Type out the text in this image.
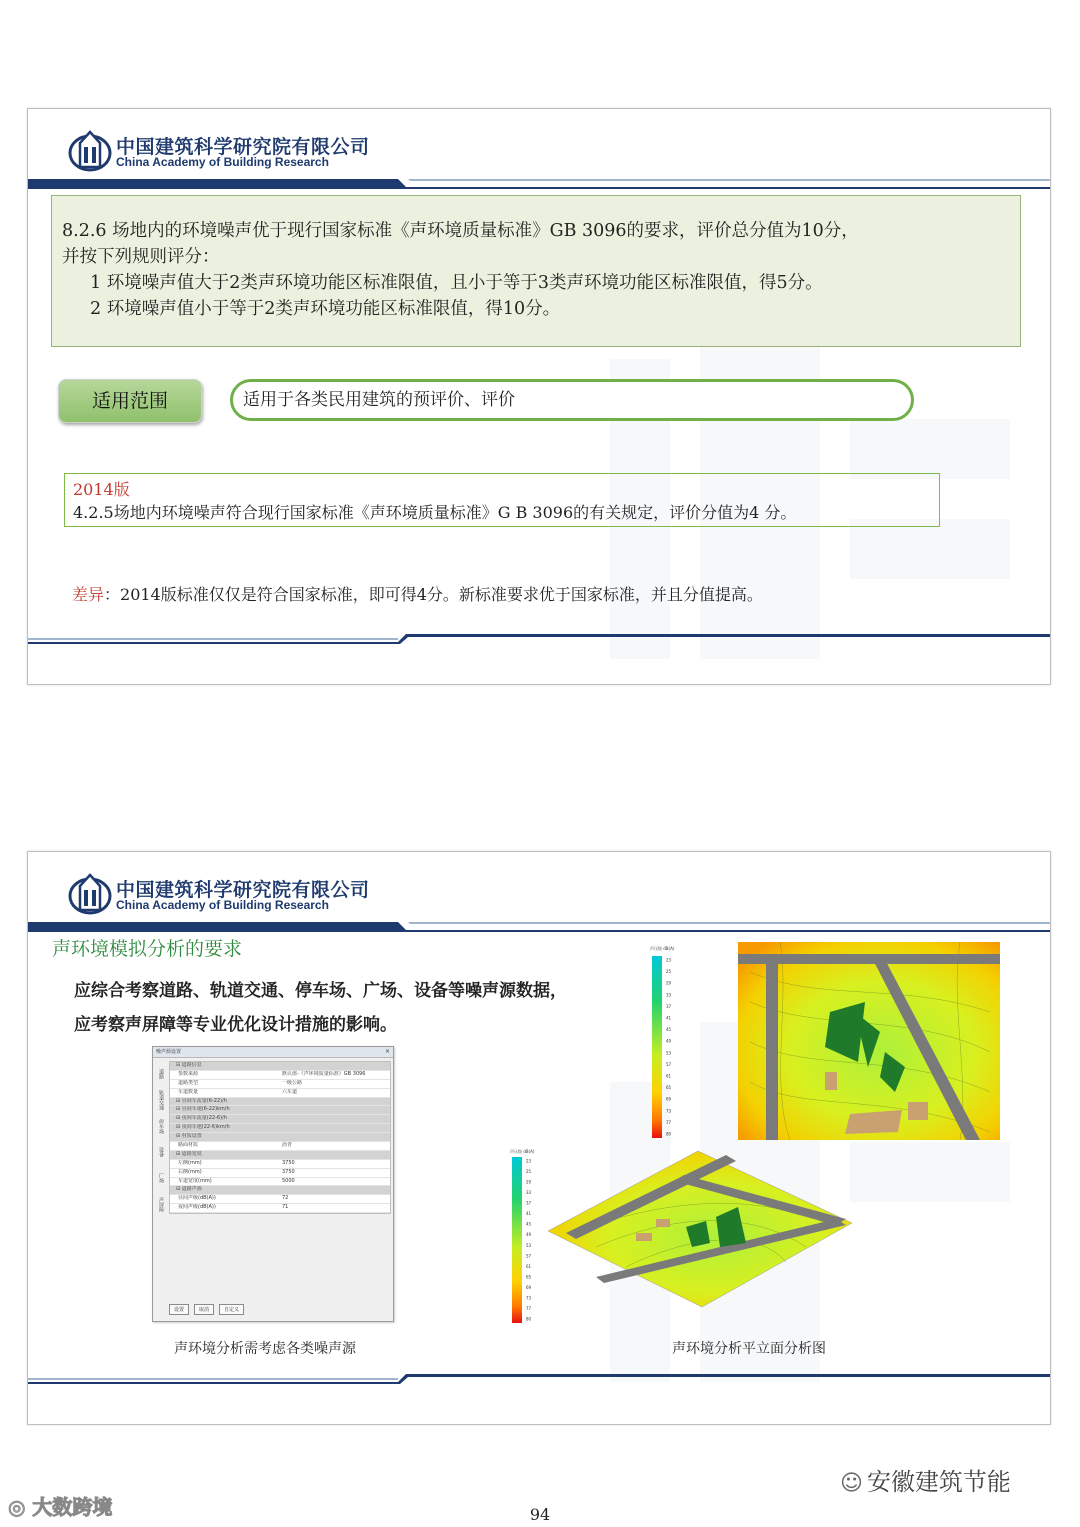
中国建筑科学研究院有限公司
China Academy of Building Research
8.2.6 场地内的环境噪声优于现行国家标准《声环境质量标准》GB 3096的要求，评价总分值为10分，
并按下列规则评分：
1 环境噪声值大于2类声环境功能区标准限值，且小于等于3类声环境功能区标准限值，得5分。
2 环境噪声值小于等于2类声环境功能区标准限值，得10分。
适用范围	适用于各类民用建筑的预评价、评价
2014版
4.2.5场地内环境噪声符合现行国家标准《声环境质量标准》G B 3096的有关规定，评价分值为4 分。
差异：2014版标准仅仅是符合国家标准，即可得4分。新标准要求优于国家标准，并且分值提高。
中国建筑科学研究院有限公司
China Academy of Building Research
声环境模拟分析的要求
应综合考察道路、轨道交通、停车场、广场、设备等噪声源数据，
应考察声屏障等专业优化设计措施的影响。
噪声源设置	×
道路
轨道交通
停车场
设备
广场
声屏障
⊟ 道路信息
参数来源	默认值-《声环境质量标准》GB 3096
道路类型	一级公路
车道数量	六车道
⊟ 昼间车流量(6-22)/h
⊟ 昼间车速(6-22)km/h
⊟ 夜间车流量(22-6)/h
⊟ 夜间车速(22-6)km/h
⊟ 材质设置
路面材质	沥青
⊟ 道路宽度
左侧(mm)	3750
右侧(mm)	3750
车道宽度(mm)	5000
⊟ 道路声源
昼间声级(dB(A))	72
夜间声级(dB(A))	71
设置	取消	自定义
声环境分析需考虑各类噪声源
声压级 dB(A)
23
25
29
33
37
41
45
49
53
57
61
65
69
73
77
80
声压级 dB(A)
23
25
29
33
37
41
45
49
53
57
61
65
69
73
77
80
声环境分析平立面分析图
☺ 安徽建筑节能
◎ 大数跨境	94
